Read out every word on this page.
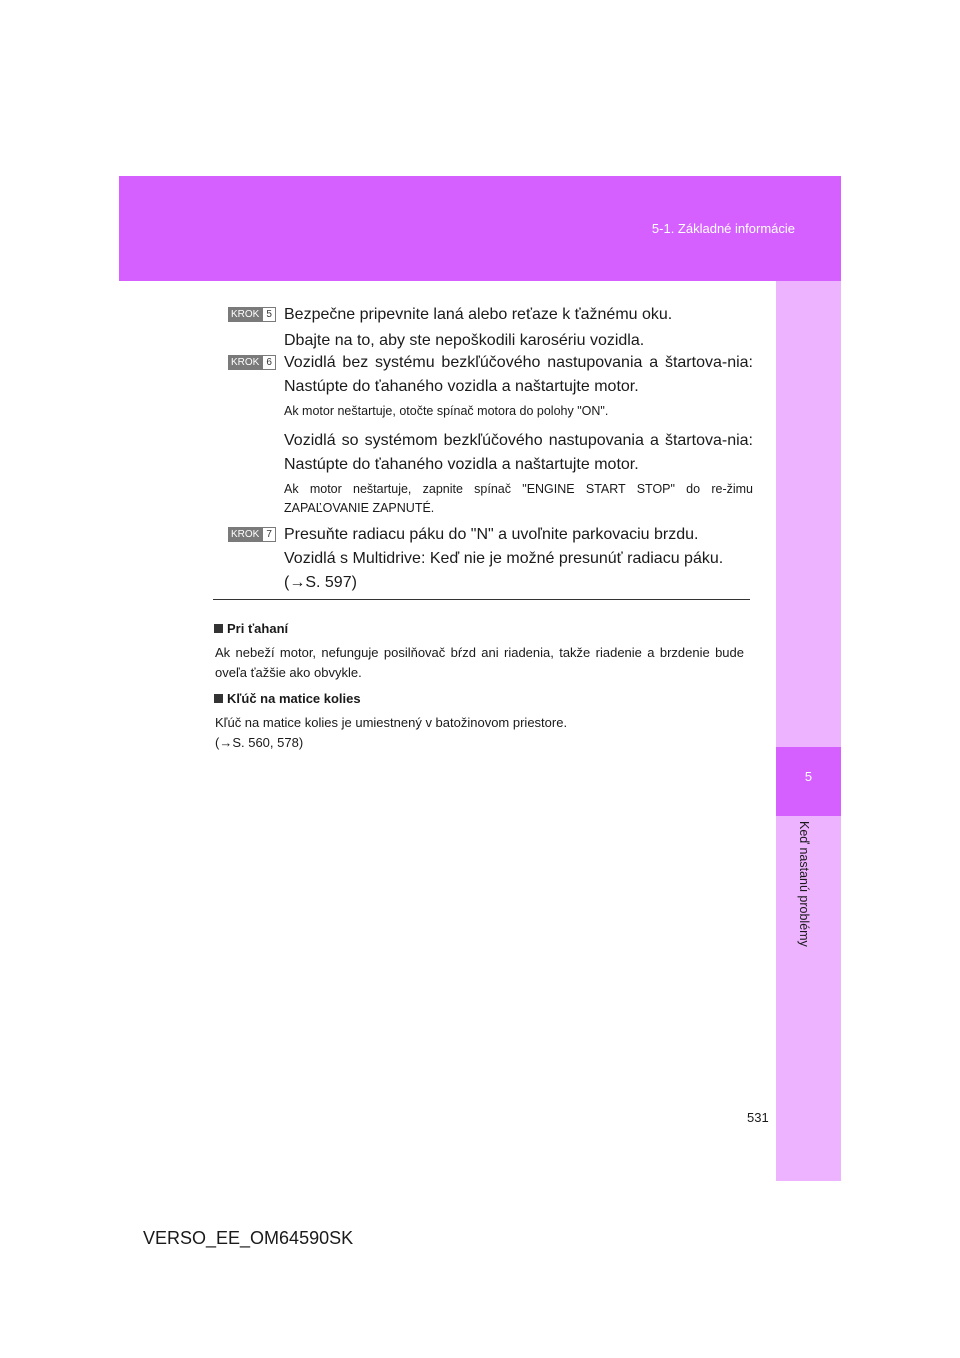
5-1. Základné informácie
5
Keď nastanú problémy
KROK 5 Bezpečne pripevnite laná alebo reťaze k ťažnému oku.
Dbajte na to, aby ste nepoškodili karosériu vozidla.
KROK 6 Vozidlá bez systému bezkľúčového nastupovania a štartova-nia: Nastúpte do ťahaného vozidla a naštartujte motor.
Ak motor neštartuje, otočte spínač motora do polohy "ON".
Vozidlá so systémom bezkľúčového nastupovania a štartova-nia: Nastúpte do ťahaného vozidla a naštartujte motor.
Ak motor neštartuje, zapnite spínač "ENGINE START STOP" do re-žimu ZAPAĽOVANIE ZAPNUTÉ.
KROK 7 Presuňte radiacu páku do "N" a uvoľnite parkovaciu brzdu.
Vozidlá s Multidrive: Keď nie je možné presunúť radiacu páku.
(→S. 597)
Pri ťahaní
Ak nebeží motor, nefunguje posilňovač bŕzd ani riadenia, takže riadenie a brzdenie bude oveľa ťažšie ako obvykle.
Kľúč na matice kolies
Kľúč na matice kolies je umiestnený v batožinovom priestore.
(→S. 560, 578)
531
VERSO_EE_OM64590SK
